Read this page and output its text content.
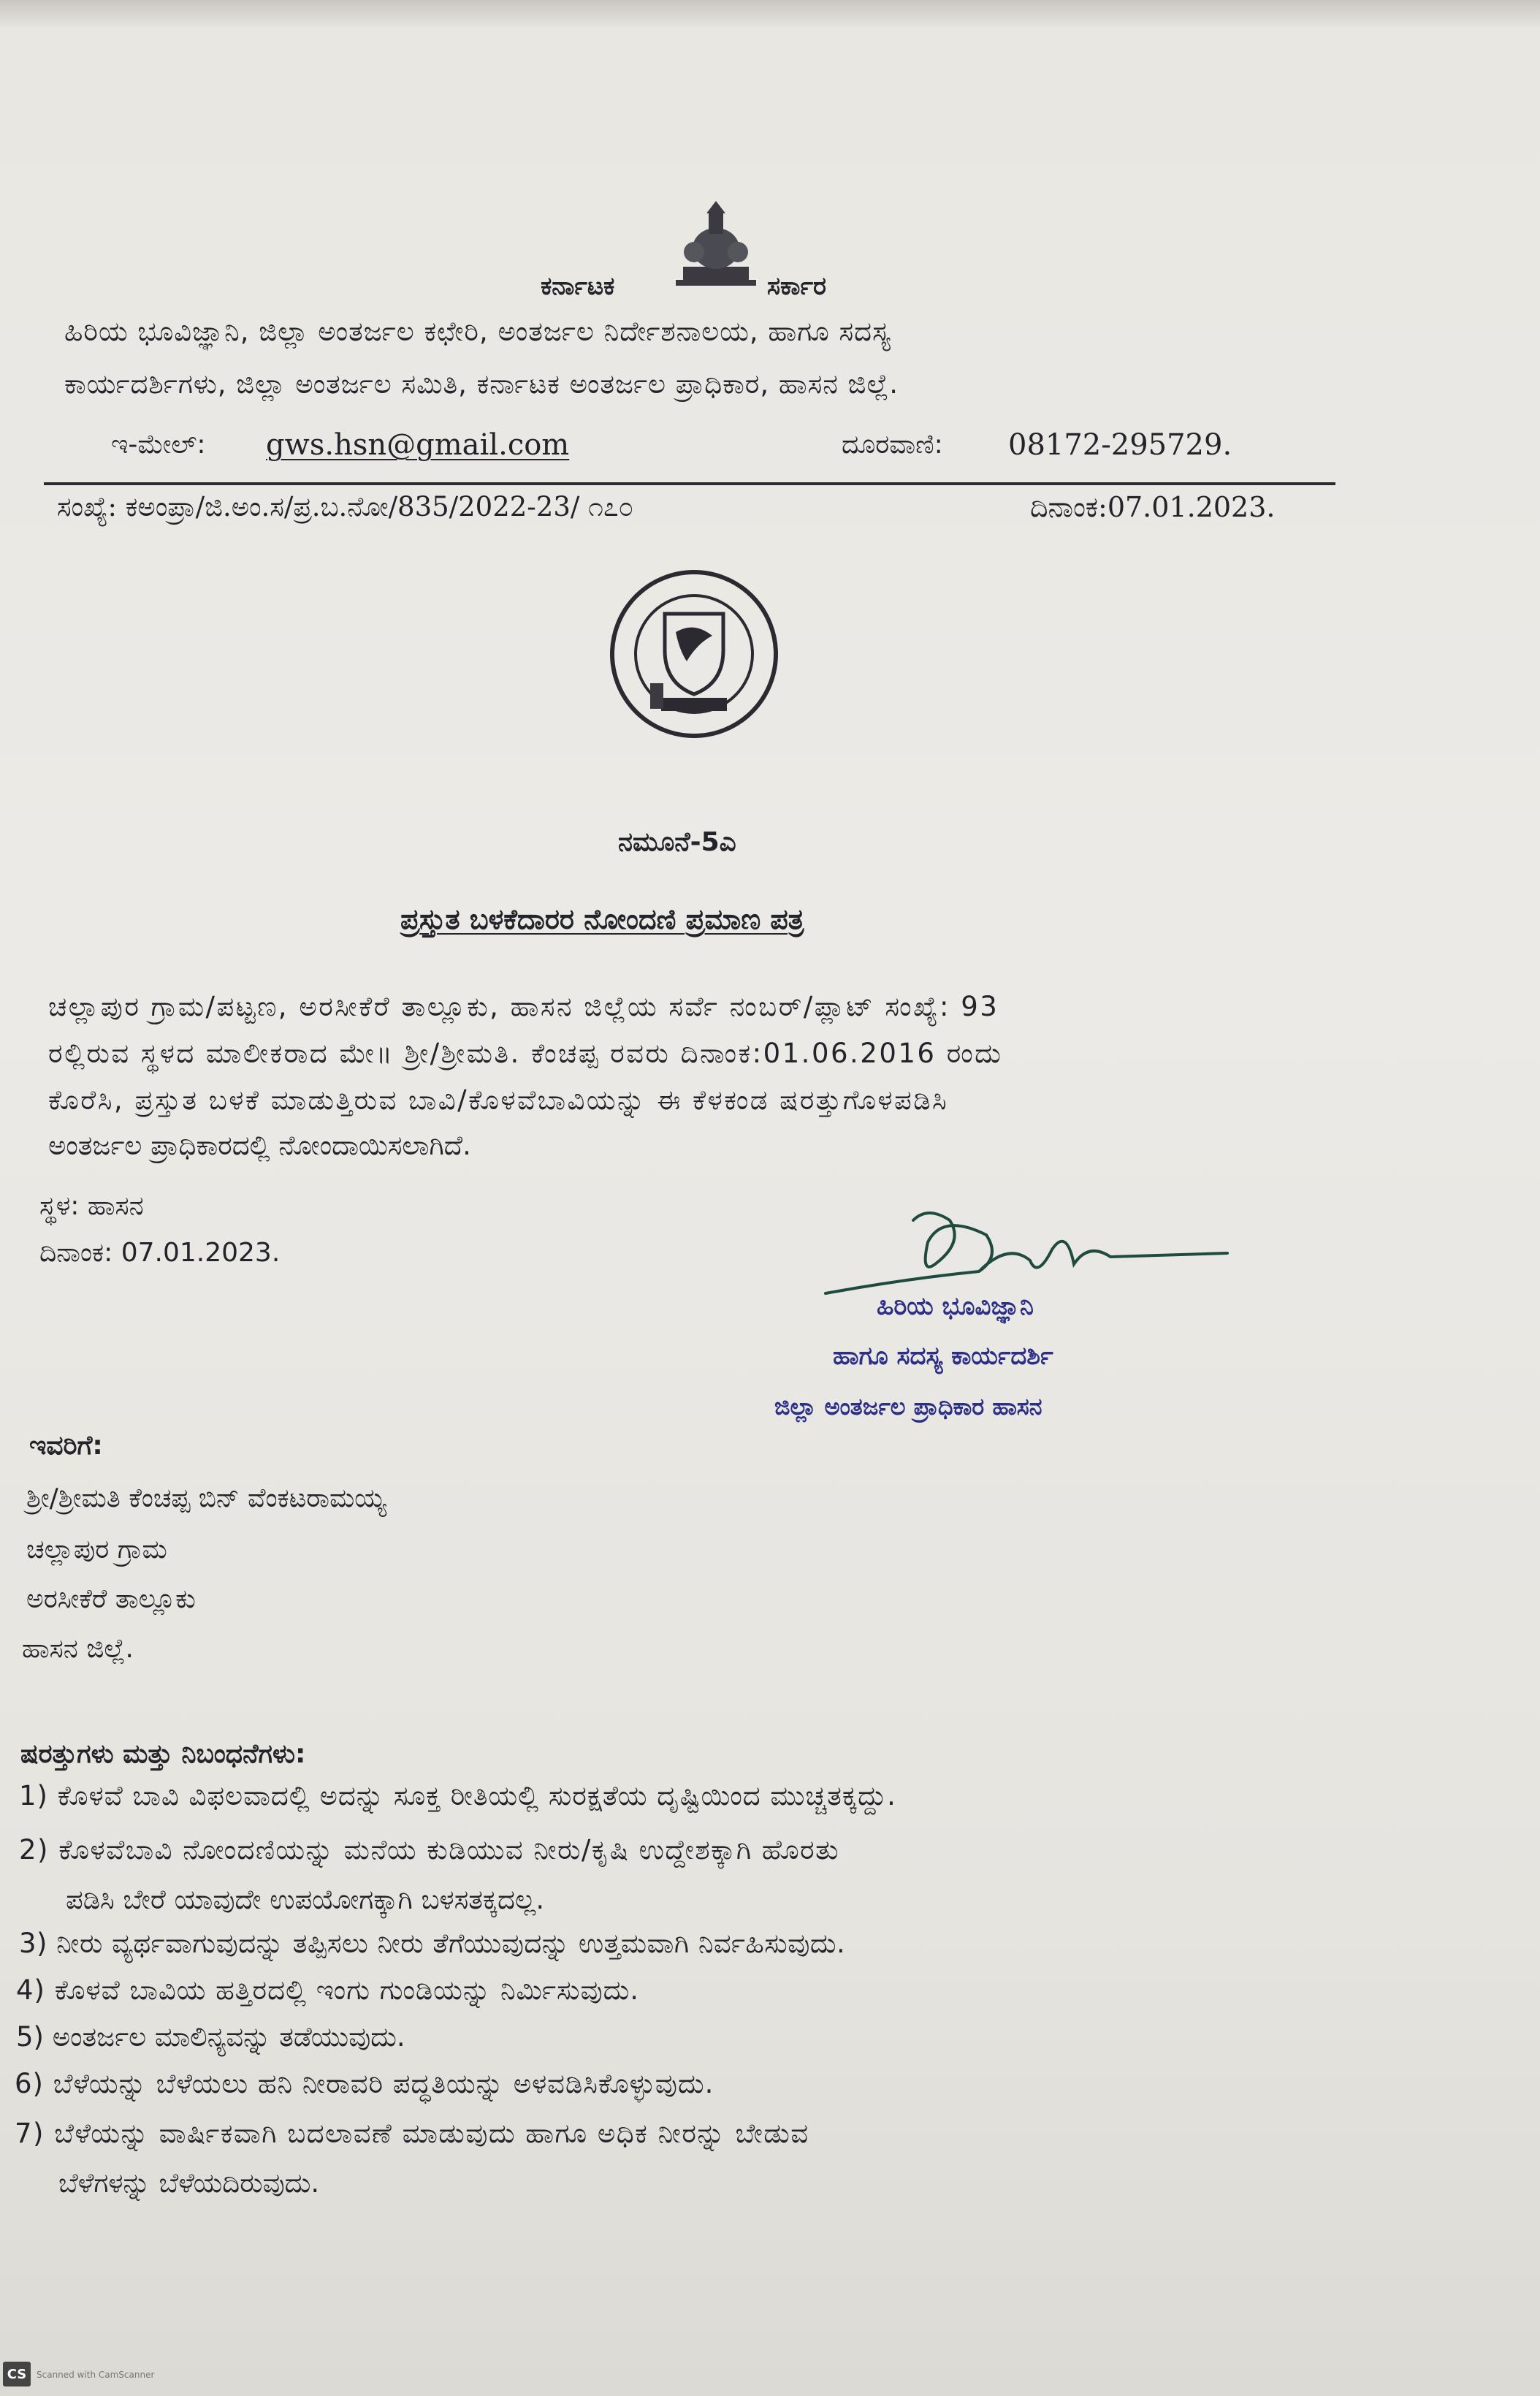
ಕರ್ನಾಟಕ	ಸರ್ಕಾರ
ಹಿರಿಯ ಭೂವಿಜ್ಞಾನಿ, ಜಿಲ್ಲಾ ಅಂತರ್ಜಲ ಕಛೇರಿ, ಅಂತರ್ಜಲ ನಿರ್ದೇಶನಾಲಯ, ಹಾಗೂ ಸದಸ್ಯ
ಕಾರ್ಯದರ್ಶಿಗಳು, ಜಿಲ್ಲಾ ಅಂತರ್ಜಲ ಸಮಿತಿ, ಕರ್ನಾಟಕ ಅಂತರ್ಜಲ ಪ್ರಾಧಿಕಾರ, ಹಾಸನ ಜಿಲ್ಲೆ.
ಇ-ಮೇಲ್: gws.hsn@gmail.com	ದೂರವಾಣಿ: 08172-295729.
ಸಂಖ್ಯೆ: ಕಅಂಪ್ರಾ/ಜಿ.ಅಂ.ಸ/ಪ್ರ.ಬ.ನೋ/835/2022-23/ ೧೭೦	ದಿನಾಂಕ:07.01.2023.
ನಮೂನೆ-5ಎ
ಪ್ರಸ್ತುತ ಬಳಕೆದಾರರ ನೋಂದಣಿ ಪ್ರಮಾಣ ಪತ್ರ
ಚಲ್ಲಾಪುರ ಗ್ರಾಮ/ಪಟ್ಟಣ, ಅರಸೀಕೆರೆ ತಾಲ್ಲೂಕು, ಹಾಸನ ಜಿಲ್ಲೆಯ ಸರ್ವೆ ನಂಬರ್/ಪ್ಲಾಟ್ ಸಂಖ್ಯೆ: 93
ರಲ್ಲಿರುವ ಸ್ಥಳದ ಮಾಲೀಕರಾದ ಮೇ॥ ಶ್ರೀ/ಶ್ರೀಮತಿ. ಕೆಂಚಪ್ಪ ರವರು ದಿನಾಂಕ:01.06.2016 ರಂದು
ಕೊರೆಸಿ, ಪ್ರಸ್ತುತ ಬಳಕೆ ಮಾಡುತ್ತಿರುವ ಬಾವಿ/ಕೊಳವೆಬಾವಿಯನ್ನು ಈ ಕೆಳಕಂಡ ಷರತ್ತುಗೊಳಪಡಿಸಿ
ಅಂತರ್ಜಲ ಪ್ರಾಧಿಕಾರದಲ್ಲಿ ನೋಂದಾಯಿಸಲಾಗಿದೆ.
ಸ್ಥಳ: ಹಾಸನ
ದಿನಾಂಕ: 07.01.2023.
ಹಿರಿಯ ಭೂವಿಜ್ಞಾನಿ
ಹಾಗೂ ಸದಸ್ಯ ಕಾರ್ಯದರ್ಶಿ
ಜಿಲ್ಲಾ ಅಂತರ್ಜಲ ಪ್ರಾಧಿಕಾರ ಹಾಸನ
ಇವರಿಗೆ:
ಶ್ರೀ/ಶ್ರೀಮತಿ ಕೆಂಚಪ್ಪ ಬಿನ್ ವೆಂಕಟರಾಮಯ್ಯ
ಚಲ್ಲಾಪುರ ಗ್ರಾಮ
ಅರಸೀಕೆರೆ ತಾಲ್ಲೂಕು
ಹಾಸನ ಜಿಲ್ಲೆ.
ಷರತ್ತುಗಳು ಮತ್ತು ನಿಬಂಧನೆಗಳು:
1) ಕೊಳವೆ ಬಾವಿ ವಿಫಲವಾದಲ್ಲಿ ಅದನ್ನು ಸೂಕ್ತ ರೀತಿಯಲ್ಲಿ ಸುರಕ್ಷತೆಯ ದೃಷ್ಟಿಯಿಂದ ಮುಚ್ಚತಕ್ಕದ್ದು.
2) ಕೊಳವೆಬಾವಿ ನೋಂದಣಿಯನ್ನು ಮನೆಯ ಕುಡಿಯುವ ನೀರು/ಕೃಷಿ ಉದ್ದೇಶಕ್ಕಾಗಿ ಹೊರತು
ಪಡಿಸಿ ಬೇರೆ ಯಾವುದೇ ಉಪಯೋಗಕ್ಕಾಗಿ ಬಳಸತಕ್ಕದಲ್ಲ.
3) ನೀರು ವ್ಯರ್ಥವಾಗುವುದನ್ನು ತಪ್ಪಿಸಲು ನೀರು ತೆಗೆಯುವುದನ್ನು ಉತ್ತಮವಾಗಿ ನಿರ್ವಹಿಸುವುದು.
4) ಕೊಳವೆ ಬಾವಿಯ ಹತ್ತಿರದಲ್ಲಿ ಇಂಗು ಗುಂಡಿಯನ್ನು ನಿರ್ಮಿಸುವುದು.
5) ಅಂತರ್ಜಲ ಮಾಲಿನ್ಯವನ್ನು ತಡೆಯುವುದು.
6) ಬೆಳೆಯನ್ನು ಬೆಳೆಯಲು ಹನಿ ನೀರಾವರಿ ಪದ್ಧತಿಯನ್ನು ಅಳವಡಿಸಿಕೊಳ್ಳುವುದು.
7) ಬೆಳೆಯನ್ನು ವಾರ್ಷಿಕವಾಗಿ ಬದಲಾವಣೆ ಮಾಡುವುದು ಹಾಗೂ ಅಧಿಕ ನೀರನ್ನು ಬೇಡುವ
ಬೆಳೆಗಳನ್ನು ಬೆಳೆಯದಿರುವುದು.
CS	Scanned with CamScanner
